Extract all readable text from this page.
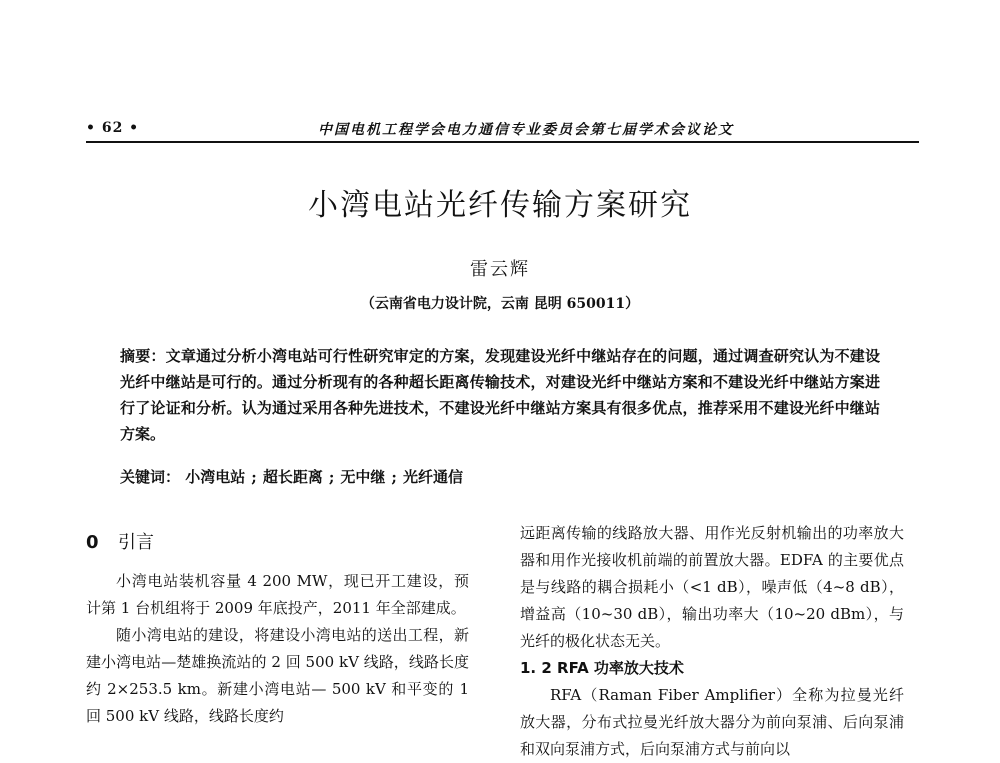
• 62 •	中国电机工程学会电力通信专业委员会第七届学术会议论文
小湾电站光纤传输方案研究
雷云辉
（云南省电力设计院，云南 昆明 650011）
摘要：文章通过分析小湾电站可行性研究审定的方案，发现建设光纤中继站存在的问题，通过调查研究认为不建设光纤中继站是可行的。通过分析现有的各种超长距离传输技术，对建设光纤中继站方案和不建设光纤中继站方案进行了论证和分析。认为通过采用各种先进技术，不建设光纤中继站方案具有很多优点，推荐采用不建设光纤中继站方案。
关键词： 小湾电站 ; 超长距离 ; 无中继 ; 光纤通信
0 引言

小湾电站装机容量 4 200 MW，现已开工建设，预计第 1 台机组将于 2009 年底投产，2011 年全部建成。

随小湾电站的建设，将建设小湾电站的送出工程，新建小湾电站—楚雄换流站的 2 回 500 kV 线路，线路长度约 2×253.5 km。新建小湾电站— 500 kV 和平变的 1 回 500 kV 线路，线路长度约

远距离传输的线路放大器、用作光反射机输出的功率放大器和用作光接收机前端的前置放大器。EDFA 的主要优点是与线路的耦合损耗小（<1 dB），噪声低（4~8 dB），增益高（10~30 dB），输出功率大（10~20 dBm），与光纤的极化状态无关。

1. 2 RFA 功率放大技术

RFA（Raman Fiber Amplifier）全称为拉曼光纤放大器，分布式拉曼光纤放大器分为前向泵浦、后向泵浦和双向泵浦方式，后向泵浦方式与前向以
